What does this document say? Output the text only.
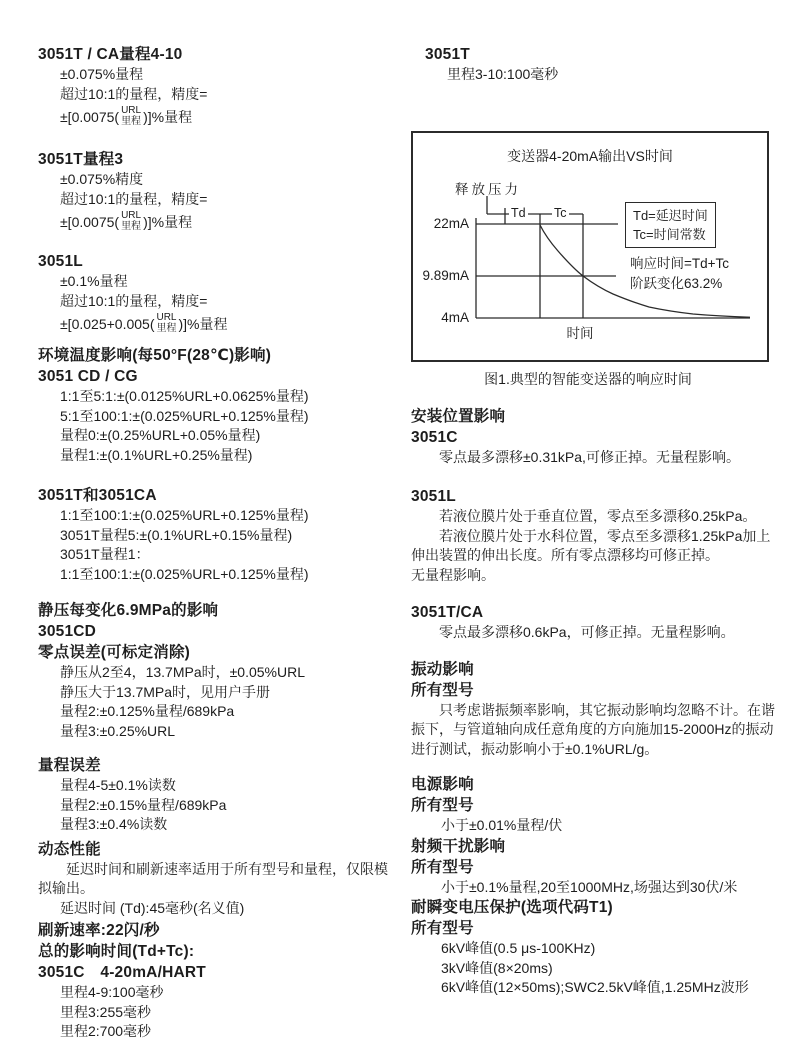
3051T / CA量程4-10
±0.075%量程
超过10:1的量程，精度=
±[0.0075( URL
里程 )]%量程
3051T量程3
±0.075%精度
超过10:1的量程，精度=
±[0.0075( URL
里程 )]%量程
3051L
±0.1%量程
超过10:1的量程，精度=
±[0.025+0.005( URL
里程 )]%量程
环境温度影响(每50°F(28℃)影响)
3051 CD / CG
1:1至5:1:±(0.0125%URL+0.0625%量程)
5:1至100:1:±(0.025%URL+0.125%量程)
量程0:±(0.25%URL+0.05%量程)
量程1:±(0.1%URL+0.25%量程)
3051T和3051CA
1:1至100:1:±(0.025%URL+0.125%量程)
3051T量程5:±(0.1%URL+0.15%量程)
3051T量程1：
1:1至100:1:±(0.025%URL+0.125%量程)
静压每变化6.9MPa的影响
3051CD
零点误差(可标定消除)
静压从2至4，13.7MPa时，±0.05%URL
静压大于13.7MPa时，见用户手册
量程2:±0.125%量程/689kPa
量程3:±0.25%URL
量程误差
量程4-5±0.1%读数
量程2:±0.15%量程/689kPa
量程3:±0.4%读数
动态性能
延迟时间和刷新速率适用于所有型号和量程，仅限模拟输出。
延迟时间 (Td):45毫秒(名义值)
刷新速率:22闪/秒
总的影响时间(Td+Tc):
3051C　4-20mA/HART
里程4-9:100毫秒
里程3:255毫秒
里程2:700毫秒
3051T
里程3-10:100毫秒
变送器4-20mA输出VS时间
释放压力
Td Tc
22mA
9.89mA
4mA
时间
Td=延迟时间
Tc=时间常数
响应时间=Td+Tc
阶跃变化63.2%
图1.典型的智能变送器的响应时间
安装位置影响
3051C
零点最多漂移±0.31kPa,可修正掉。无量程影响。
3051L
若液位膜片处于垂直位置，零点至多漂移0.25kPa。
若液位膜片处于水科位置，零点至多漂移1.25kPa加上伸出装置的伸出长度。所有零点漂移均可修正掉。
无量程影响。
3051T/CA
零点最多漂移0.6kPa，可修正掉。无量程影响。
振动影响
所有型号
只考虑谐振频率影响，其它振动影响均忽略不计。在谐振下，与管道轴向成任意角度的方向施加15-2000Hz的振动进行测试，振动影响小于±0.1%URL/g。
电源影响
所有型号
小于±0.01%量程/伏
射频干扰影响
所有型号
小于±0.1%量程,20至1000MHz,场强达到30伏/米
耐瞬变电压保护(选项代码T1)
所有型号
6kV峰值(0.5 μs-100KHz)
3kV峰值(8×20ms)
6kV峰值(12×50ms);SWC2.5kV峰值,1.25MHz波形
